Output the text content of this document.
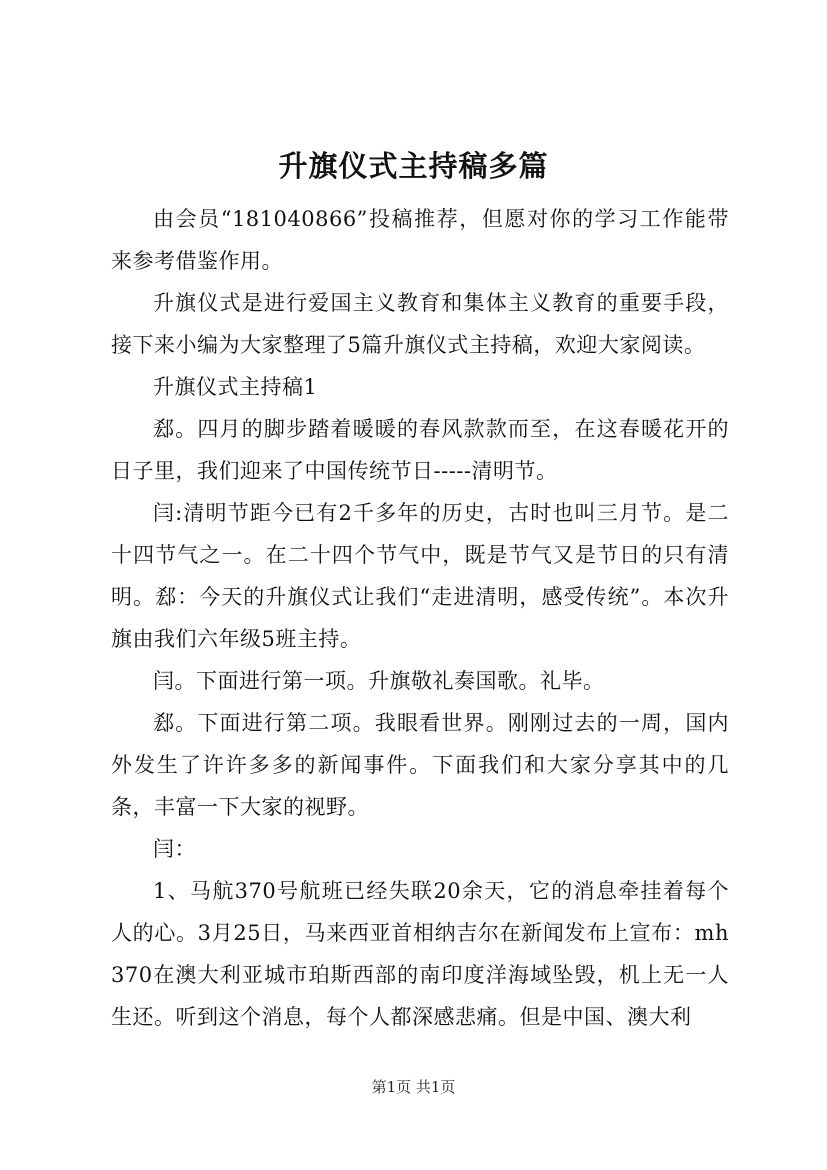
升旗仪式主持稿多篇

由会员“181040866”投稿推荐，但愿对你的学习工作能带来参考借鉴作用。

升旗仪式是进行爱国主义教育和集体主义教育的重要手段，接下来小编为大家整理了5篇升旗仪式主持稿，欢迎大家阅读。

升旗仪式主持稿1

郄。四月的脚步踏着暖暖的春风款款而至，在这春暖花开的日子里，我们迎来了中国传统节日-----清明节。

闫:清明节距今已有2千多年的历史，古时也叫三月节。是二十四节气之一。在二十四个节气中，既是节气又是节日的只有清明。郄：今天的升旗仪式让我们“走进清明，感受传统”。本次升旗由我们六年级5班主持。

闫。下面进行第一项。升旗敬礼奏国歌。礼毕。

郄。下面进行第二项。我眼看世界。刚刚过去的一周，国内外发生了许许多多的新闻事件。下面我们和大家分享其中的几条，丰富一下大家的视野。

闫：

1、马航370号航班已经失联20余天，它的消息牵挂着每个人的心。3月25日，马来西亚首相纳吉尔在新闻发布上宣布：mh370在澳大利亚城市珀斯西部的南印度洋海域坠毁，机上无一人生还。听到这个消息，每个人都深感悲痛。但是中国、澳大利

第1页 共1页
